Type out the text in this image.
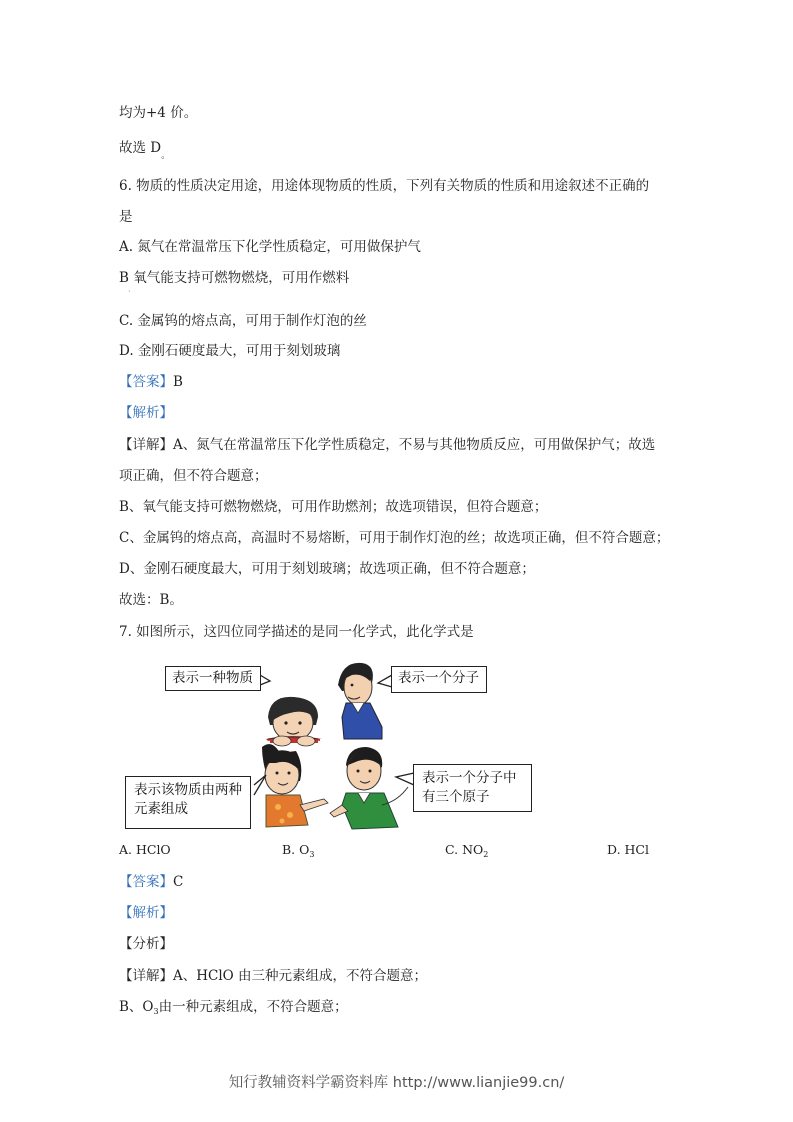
均为+4 价。
故选 $D_。$
6. 物质的性质决定用途，用途体现物质的性质，下列有关物质的性质和用途叙述不正确的
是
A. 氮气在常温常压下化学性质稳定，可用做保护气
B 氧气能支持可燃物燃烧，可用作燃料
·
C. 金属钨的熔点高，可用于制作灯泡的丝
D. 金刚石硬度最大，可用于刻划玻璃
【答案】B
【解析】
【详解】A、氮气在常温常压下化学性质稳定，不易与其他物质反应，可用做保护气；故选
项正确，但不符合题意；
B、氧气能支持可燃物燃烧，可用作助燃剂；故选项错误，但符合题意；
C、金属钨的熔点高，高温时不易熔断，可用于制作灯泡的丝；故选项正确，但不符合题意；
D、金刚石硬度最大，可用于刻划玻璃；故选项正确，但不符合题意；
故选：B。
7. 如图所示，这四位同学描述的是同一化学式，此化学式是
表示一种物质	表示一个分子
表示该物质由两种元素组成
表示一个分子中有三个原子
A. HClO	B. $O_3$	C. $NO_2$	D. HCl
【答案】C
【解析】
【分析】
【详解】A、HClO 由三种元素组成，不符合题意；
B、$O_3$由一种元素组成，不符合题意；
知行教辅资料学霸资料库 http://www.lianjie99.cn/
